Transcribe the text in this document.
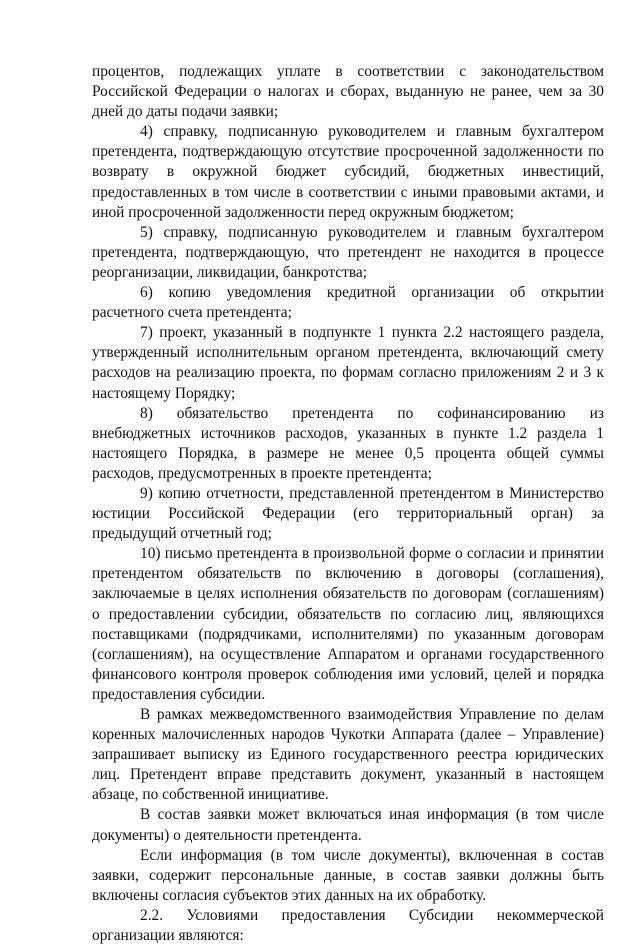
процентов, подлежащих уплате в соответствии с законодательством Российской Федерации о налогах и сборах, выданную не ранее, чем за 30 дней до даты подачи заявки;

4) справку, подписанную руководителем и главным бухгалтером претендента, подтверждающую отсутствие просроченной задолженности по возврату в окружной бюджет субсидий, бюджетных инвестиций, предоставленных в том числе в соответствии с иными правовыми актами, и иной просроченной задолженности перед окружным бюджетом;

5) справку, подписанную руководителем и главным бухгалтером претендента, подтверждающую, что претендент не находится в процессе реорганизации, ликвидации, банкротства;

6) копию уведомления кредитной организации об открытии расчетного счета претендента;

7) проект, указанный в подпункте 1 пункта 2.2 настоящего раздела, утвержденный исполнительным органом претендента, включающий смету расходов на реализацию проекта, по формам согласно приложениям 2 и 3 к настоящему Порядку;

8) обязательство претендента по софинансированию из внебюджетных источников расходов, указанных в пункте 1.2 раздела 1 настоящего Порядка, в размере не менее 0,5 процента общей суммы расходов, предусмотренных в проекте претендента;

9) копию отчетности, представленной претендентом в Министерство юстиции Российской Федерации (его территориальный орган) за предыдущий отчетный год;

10) письмо претендента в произвольной форме о согласии и принятии претендентом обязательств по включению в договоры (соглашения), заключаемые в целях исполнения обязательств по договорам (соглашениям) о предоставлении субсидии, обязательств по согласию лиц, являющихся поставщиками (подрядчиками, исполнителями) по указанным договорам (соглашениям), на осуществление Аппаратом и органами государственного финансового контроля проверок соблюдения ими условий, целей и порядка предоставления субсидии.

В рамках межведомственного взаимодействия Управление по делам коренных малочисленных народов Чукотки Аппарата (далее – Управление) запрашивает выписку из Единого государственного реестра юридических лиц. Претендент вправе представить документ, указанный в настоящем абзаце, по собственной инициативе.

В состав заявки может включаться иная информация (в том числе документы) о деятельности претендента.

Если информация (в том числе документы), включенная в состав заявки, содержит персональные данные, в состав заявки должны быть включены согласия субъектов этих данных на их обработку.

2.2. Условиями предоставления Субсидии некоммерческой организации являются:
